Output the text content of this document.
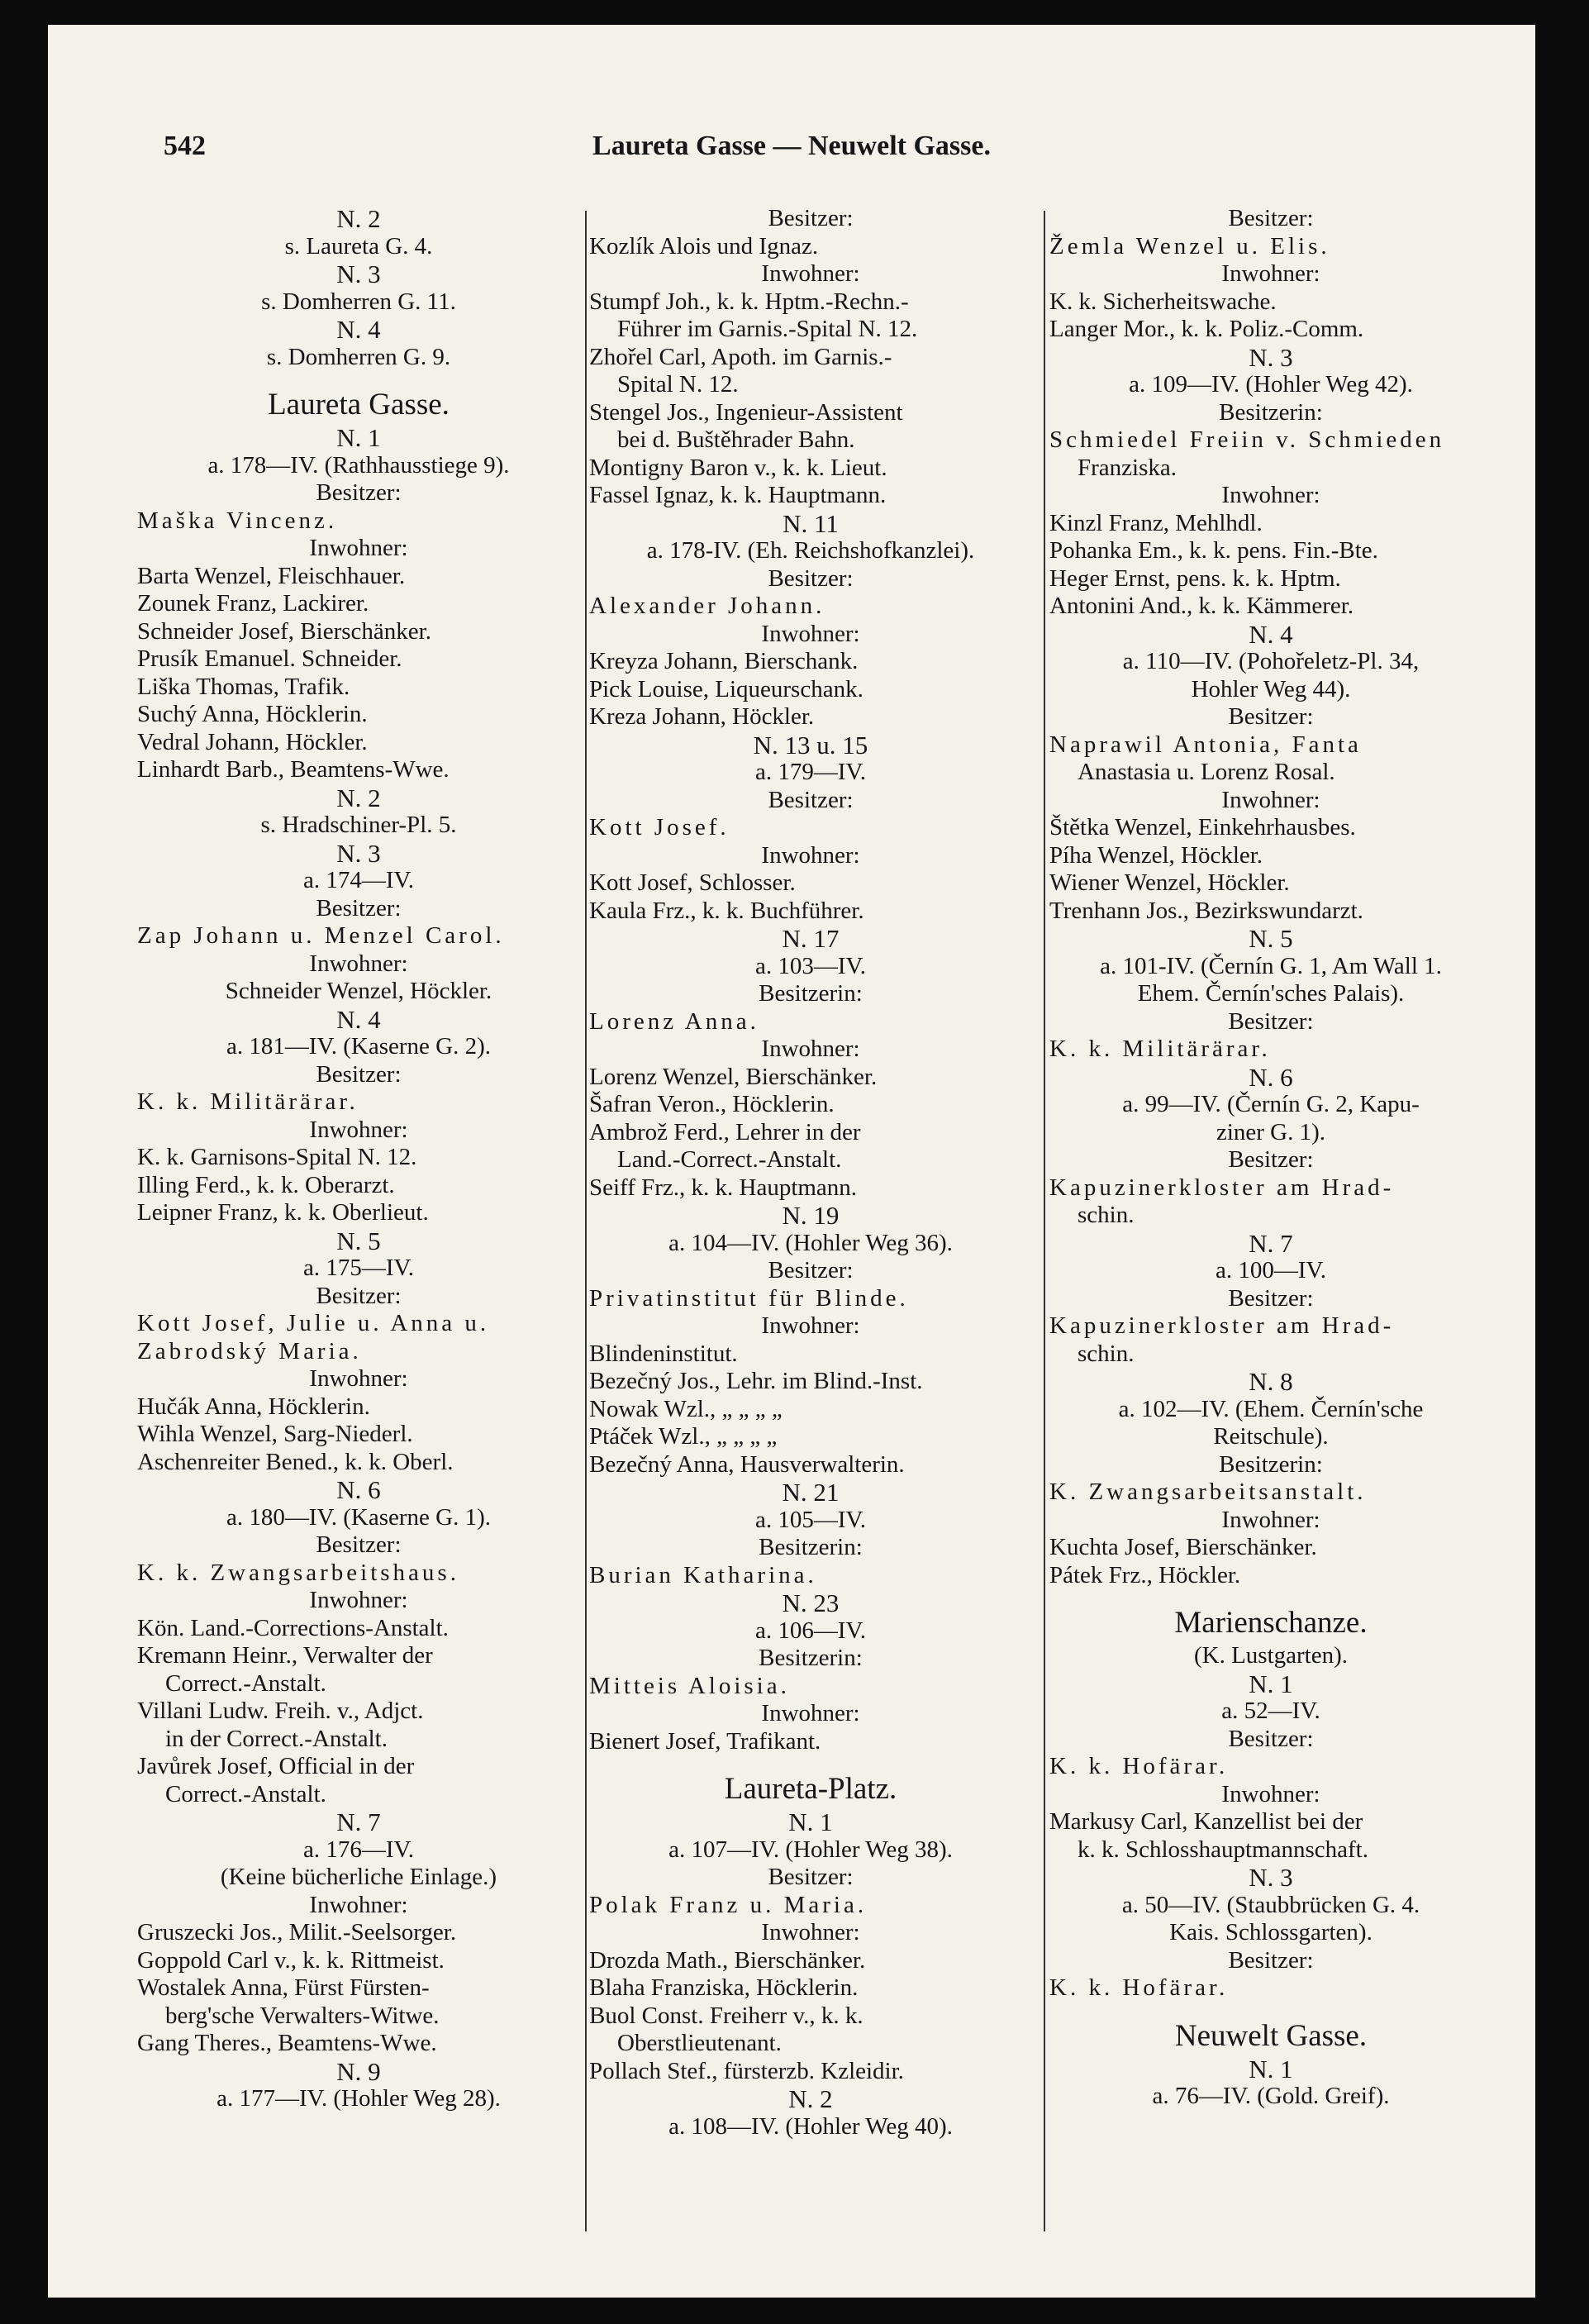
542	Laureta Gasse — Neuwelt Gasse.
N. 2
s. Laureta G. 4.
N. 3
s. Domherren G. 11.
N. 4
s. Domherren G. 9.
Laureta Gasse.
N. 1
a. 178—IV. (Rathhausstiege 9).
Besitzer:
Maška Vincenz.
Inwohner:
Barta Wenzel, Fleischhauer.
Zounek Franz, Lackirer.
Schneider Josef, Bierschänker.
Prusík Emanuel. Schneider.
Liška Thomas, Trafik.
Suchý Anna, Höcklerin.
Vedral Johann, Höckler.
Linhardt Barb., Beamtens-Wwe.
N. 2
s. Hradschiner-Pl. 5.
N. 3
a. 174—IV.
Besitzer:
Zap Johann u. Menzel Carol.
Inwohner:
Schneider Wenzel, Höckler.
N. 4
a. 181—IV. (Kaserne G. 2).
Besitzer:
K. k. Militärärar.
Inwohner:
K. k. Garnisons-Spital N. 12.
Illing Ferd., k. k. Oberarzt.
Leipner Franz, k. k. Oberlieut.
N. 5
a. 175—IV.
Besitzer:
Kott Josef, Julie u. Anna u.
Zabrodský Maria.
Inwohner:
Hučák Anna, Höcklerin.
Wihla Wenzel, Sarg-Niederl.
Aschenreiter Bened., k. k. Oberl.
N. 6
a. 180—IV. (Kaserne G. 1).
Besitzer:
K. k. Zwangsarbeitshaus.
Inwohner:
Kön. Land.-Corrections-Anstalt.
Kremann Heinr., Verwalter der
Correct.-Anstalt.
Villani Ludw. Freih. v., Adjct.
in der Correct.-Anstalt.
Javůrek Josef, Official in der
Correct.-Anstalt.
N. 7
a. 176—IV.
(Keine bücherliche Einlage.)
Inwohner:
Gruszecki Jos., Milit.-Seelsorger.
Goppold Carl v., k. k. Rittmeist.
Wostalek Anna, Fürst Fürsten-
berg'sche Verwalters-Witwe.
Gang Theres., Beamtens-Wwe.
N. 9
a. 177—IV. (Hohler Weg 28).
Besitzer:
Kozlík Alois und Ignaz.
Inwohner:
Stumpf Joh., k. k. Hptm.-Rechn.-
Führer im Garnis.-Spital N. 12.
Zhořel Carl, Apoth. im Garnis.-
Spital N. 12.
Stengel Jos., Ingenieur-Assistent
bei d. Buštěhrader Bahn.
Montigny Baron v., k. k. Lieut.
Fassel Ignaz, k. k. Hauptmann.
N. 11
a. 178-IV. (Eh. Reichshofkanzlei).
Besitzer:
Alexander Johann.
Inwohner:
Kreyza Johann, Bierschank.
Pick Louise, Liqueurschank.
Kreza Johann, Höckler.
N. 13 u. 15
a. 179—IV.
Besitzer:
Kott Josef.
Inwohner:
Kott Josef, Schlosser.
Kaula Frz., k. k. Buchführer.
N. 17
a. 103—IV.
Besitzerin:
Lorenz Anna.
Inwohner:
Lorenz Wenzel, Bierschänker.
Šafran Veron., Höcklerin.
Ambrož Ferd., Lehrer in der
Land.-Correct.-Anstalt.
Seiff Frz., k. k. Hauptmann.
N. 19
a. 104—IV. (Hohler Weg 36).
Besitzer:
Privatinstitut für Blinde.
Inwohner:
Blindeninstitut.
Bezečný Jos., Lehr. im Blind.-Inst.
Nowak Wzl., „ „ „ „
Ptáček Wzl., „ „ „ „
Bezečný Anna, Hausverwalterin.
N. 21
a. 105—IV.
Besitzerin:
Burian Katharina.
N. 23
a. 106—IV.
Besitzerin:
Mitteis Aloisia.
Inwohner:
Bienert Josef, Trafikant.
Laureta-Platz.
N. 1
a. 107—IV. (Hohler Weg 38).
Besitzer:
Polak Franz u. Maria.
Inwohner:
Drozda Math., Bierschänker.
Blaha Franziska, Höcklerin.
Buol Const. Freiherr v., k. k.
Oberstlieutenant.
Pollach Stef., fürsterzb. Kzleidir.
N. 2
a. 108—IV. (Hohler Weg 40).
Besitzer:
Žemla Wenzel u. Elis.
Inwohner:
K. k. Sicherheitswache.
Langer Mor., k. k. Poliz.-Comm.
N. 3
a. 109—IV. (Hohler Weg 42).
Besitzerin:
Schmiedel Freiin v. Schmieden
Franziska.
Inwohner:
Kinzl Franz, Mehlhdl.
Pohanka Em., k. k. pens. Fin.-Bte.
Heger Ernst, pens. k. k. Hptm.
Antonini And., k. k. Kämmerer.
N. 4
a. 110—IV. (Pohořeletz-Pl. 34,
Hohler Weg 44).
Besitzer:
Naprawil Antonia, Fanta
Anastasia u. Lorenz Rosal.
Inwohner:
Štětka Wenzel, Einkehrhausbes.
Píha Wenzel, Höckler.
Wiener Wenzel, Höckler.
Trenhann Jos., Bezirkswundarzt.
N. 5
a. 101-IV. (Černín G. 1, Am Wall 1.
Ehem. Černín'sches Palais).
Besitzer:
K. k. Militärärar.
N. 6
a. 99—IV. (Černín G. 2, Kapu-
ziner G. 1).
Besitzer:
Kapuzinerkloster am Hrad-
schin.
N. 7
a. 100—IV.
Besitzer:
Kapuzinerkloster am Hrad-
schin.
N. 8
a. 102—IV. (Ehem. Černín'sche
Reitschule).
Besitzerin:
K. Zwangsarbeitsanstalt.
Inwohner:
Kuchta Josef, Bierschänker.
Pátek Frz., Höckler.
Marienschanze.
(K. Lustgarten).
N. 1
a. 52—IV.
Besitzer:
K. k. Hofärar.
Inwohner:
Markusy Carl, Kanzellist bei der
k. k. Schlosshauptmannschaft.
N. 3
a. 50—IV. (Staubbrücken G. 4.
Kais. Schlossgarten).
Besitzer:
K. k. Hofärar.
Neuwelt Gasse.
N. 1
a. 76—IV. (Gold. Greif).
